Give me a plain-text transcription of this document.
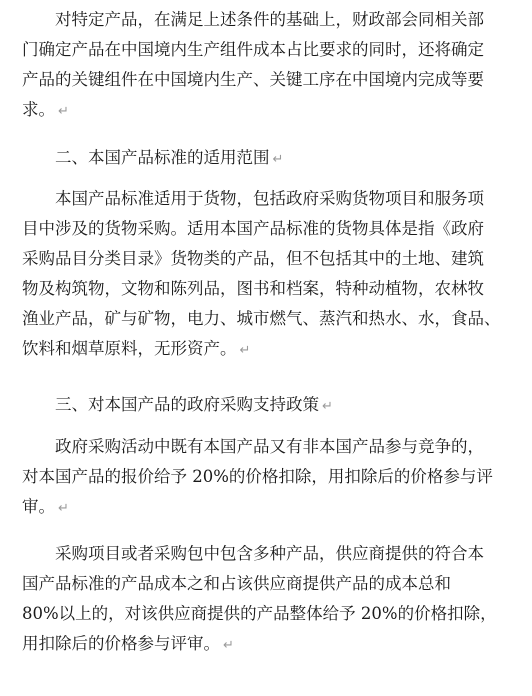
对特定产品，在满足上述条件的基础上，财政部会同相关部
门确定产品在中国境内生产组件成本占比要求的同时，还将确定
产品的关键组件在中国境内生产、关键工序在中国境内完成等要
求。 ↵
二、本国产品标准的适用范围 ↵
本国产品标准适用于货物，包括政府采购货物项目和服务项
目中涉及的货物采购。适用本国产品标准的货物具体是指《政府
采购品目分类目录》货物类的产品，但不包括其中的土地、建筑
物及构筑物，文物和陈列品，图书和档案，特种动植物，农林牧
渔业产品，矿与矿物，电力、城市燃气、蒸汽和热水、水，食品、
饮料和烟草原料，无形资产。 ↵
三、对本国产品的政府采购支持政策 ↵
政府采购活动中既有本国产品又有非本国产品参与竞争的，
对本国产品的报价给予 20%的价格扣除，用扣除后的价格参与评
审。 ↵
采购项目或者采购包中包含多种产品，供应商提供的符合本
国产品标准的产品成本之和占该供应商提供产品的成本总和
80%以上的，对该供应商提供的产品整体给予 20%的价格扣除，
用扣除后的价格参与评审。 ↵
